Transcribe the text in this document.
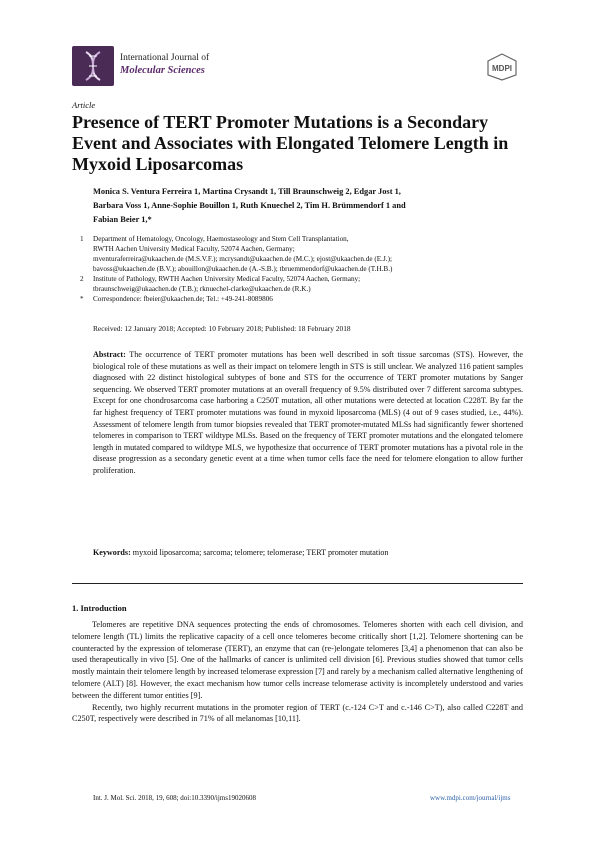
International Journal of
Molecular Sciences	MDPI
Article
Presence of TERT Promoter Mutations is a Secondary Event and Associates with Elongated Telomere Length in Myxoid Liposarcomas
Monica S. Ventura Ferreira 1, Martina Crysandt 1, Till Braunschweig 2, Edgar Jost 1,
Barbara Voss 1, Anne-Sophie Bouillon 1, Ruth Knuechel 2, Tim H. Brümmendorf 1 and
Fabian Beier 1,*
1	Department of Hematology, Oncology, Haemostaseology and Stem Cell Transplantation,
RWTH Aachen University Medical Faculty, 52074 Aachen, Germany;
mventuraferreira@ukaachen.de (M.S.V.F.); mcrysandt@ukaachen.de (M.C.); ejost@ukaachen.de (E.J.);
bavoss@ukaachen.de (B.V.); abouillon@ukaachen.de (A.-S.B.); tbruemmendorf@ukaachen.de (T.H.B.)
2	Institute of Pathology, RWTH Aachen University Medical Faculty, 52074 Aachen, Germany;
tbraunschweig@ukaachen.de (T.B.); rknuechel-clarke@ukaachen.de (R.K.)
*	Correspondence: fbeier@ukaachen.de; Tel.: +49-241-8089806
Received: 12 January 2018; Accepted: 10 February 2018; Published: 18 February 2018
Abstract: The occurrence of TERT promoter mutations has been well described in soft tissue sarcomas (STS). However, the biological role of these mutations as well as their impact on telomere length in STS is still unclear. We analyzed 116 patient samples diagnosed with 22 distinct histological subtypes of bone and STS for the occurrence of TERT promoter mutations by Sanger sequencing. We observed TERT promoter mutations at an overall frequency of 9.5% distributed over 7 different sarcoma subtypes. Except for one chondrosarcoma case harboring a C250T mutation, all other mutations were detected at location C228T. By far the far highest frequency of TERT promoter mutations was found in myxoid liposarcoma (MLS) (4 out of 9 cases studied, i.e., 44%). Assessment of telomere length from tumor biopsies revealed that TERT promoter-mutated MLSs had significantly fewer shortened telomeres in comparison to TERT wildtype MLSs. Based on the frequency of TERT promoter mutations and the elongated telomere length in mutated compared to wildtype MLS, we hypothesize that occurrence of TERT promoter mutations has a pivotal role in the disease progression as a secondary genetic event at a time when tumor cells face the need for telomere elongation to allow further proliferation.
Keywords: myxoid liposarcoma; sarcoma; telomere; telomerase; TERT promoter mutation
1. Introduction

Telomeres are repetitive DNA sequences protecting the ends of chromosomes. Telomeres shorten with each cell division, and telomere length (TL) limits the replicative capacity of a cell once telomeres become critically short [1,2]. Telomere shortening can be counteracted by the expression of telomerase (TERT), an enzyme that can (re-)elongate telomeres [3,4] a phenomenon that can also be used therapeutically in vivo [5]. One of the hallmarks of cancer is unlimited cell division [6]. Previous studies showed that tumor cells mostly maintain their telomere length by increased telomerase expression [7] and rarely by a mechanism called alternative lengthening of telomere (ALT) [8]. However, the exact mechanism how tumor cells increase telomerase activity is incompletely understood and varies between the different tumor entities [9].

Recently, two highly recurrent mutations in the promoter region of TERT (c.-124 C>T and c.-146 C>T), also called C228T and C250T, respectively were described in 71% of all melanomas [10,11].

Int. J. Mol. Sci. 2018, 19, 608; doi:10.3390/ijms19020608	www.mdpi.com/journal/ijms
